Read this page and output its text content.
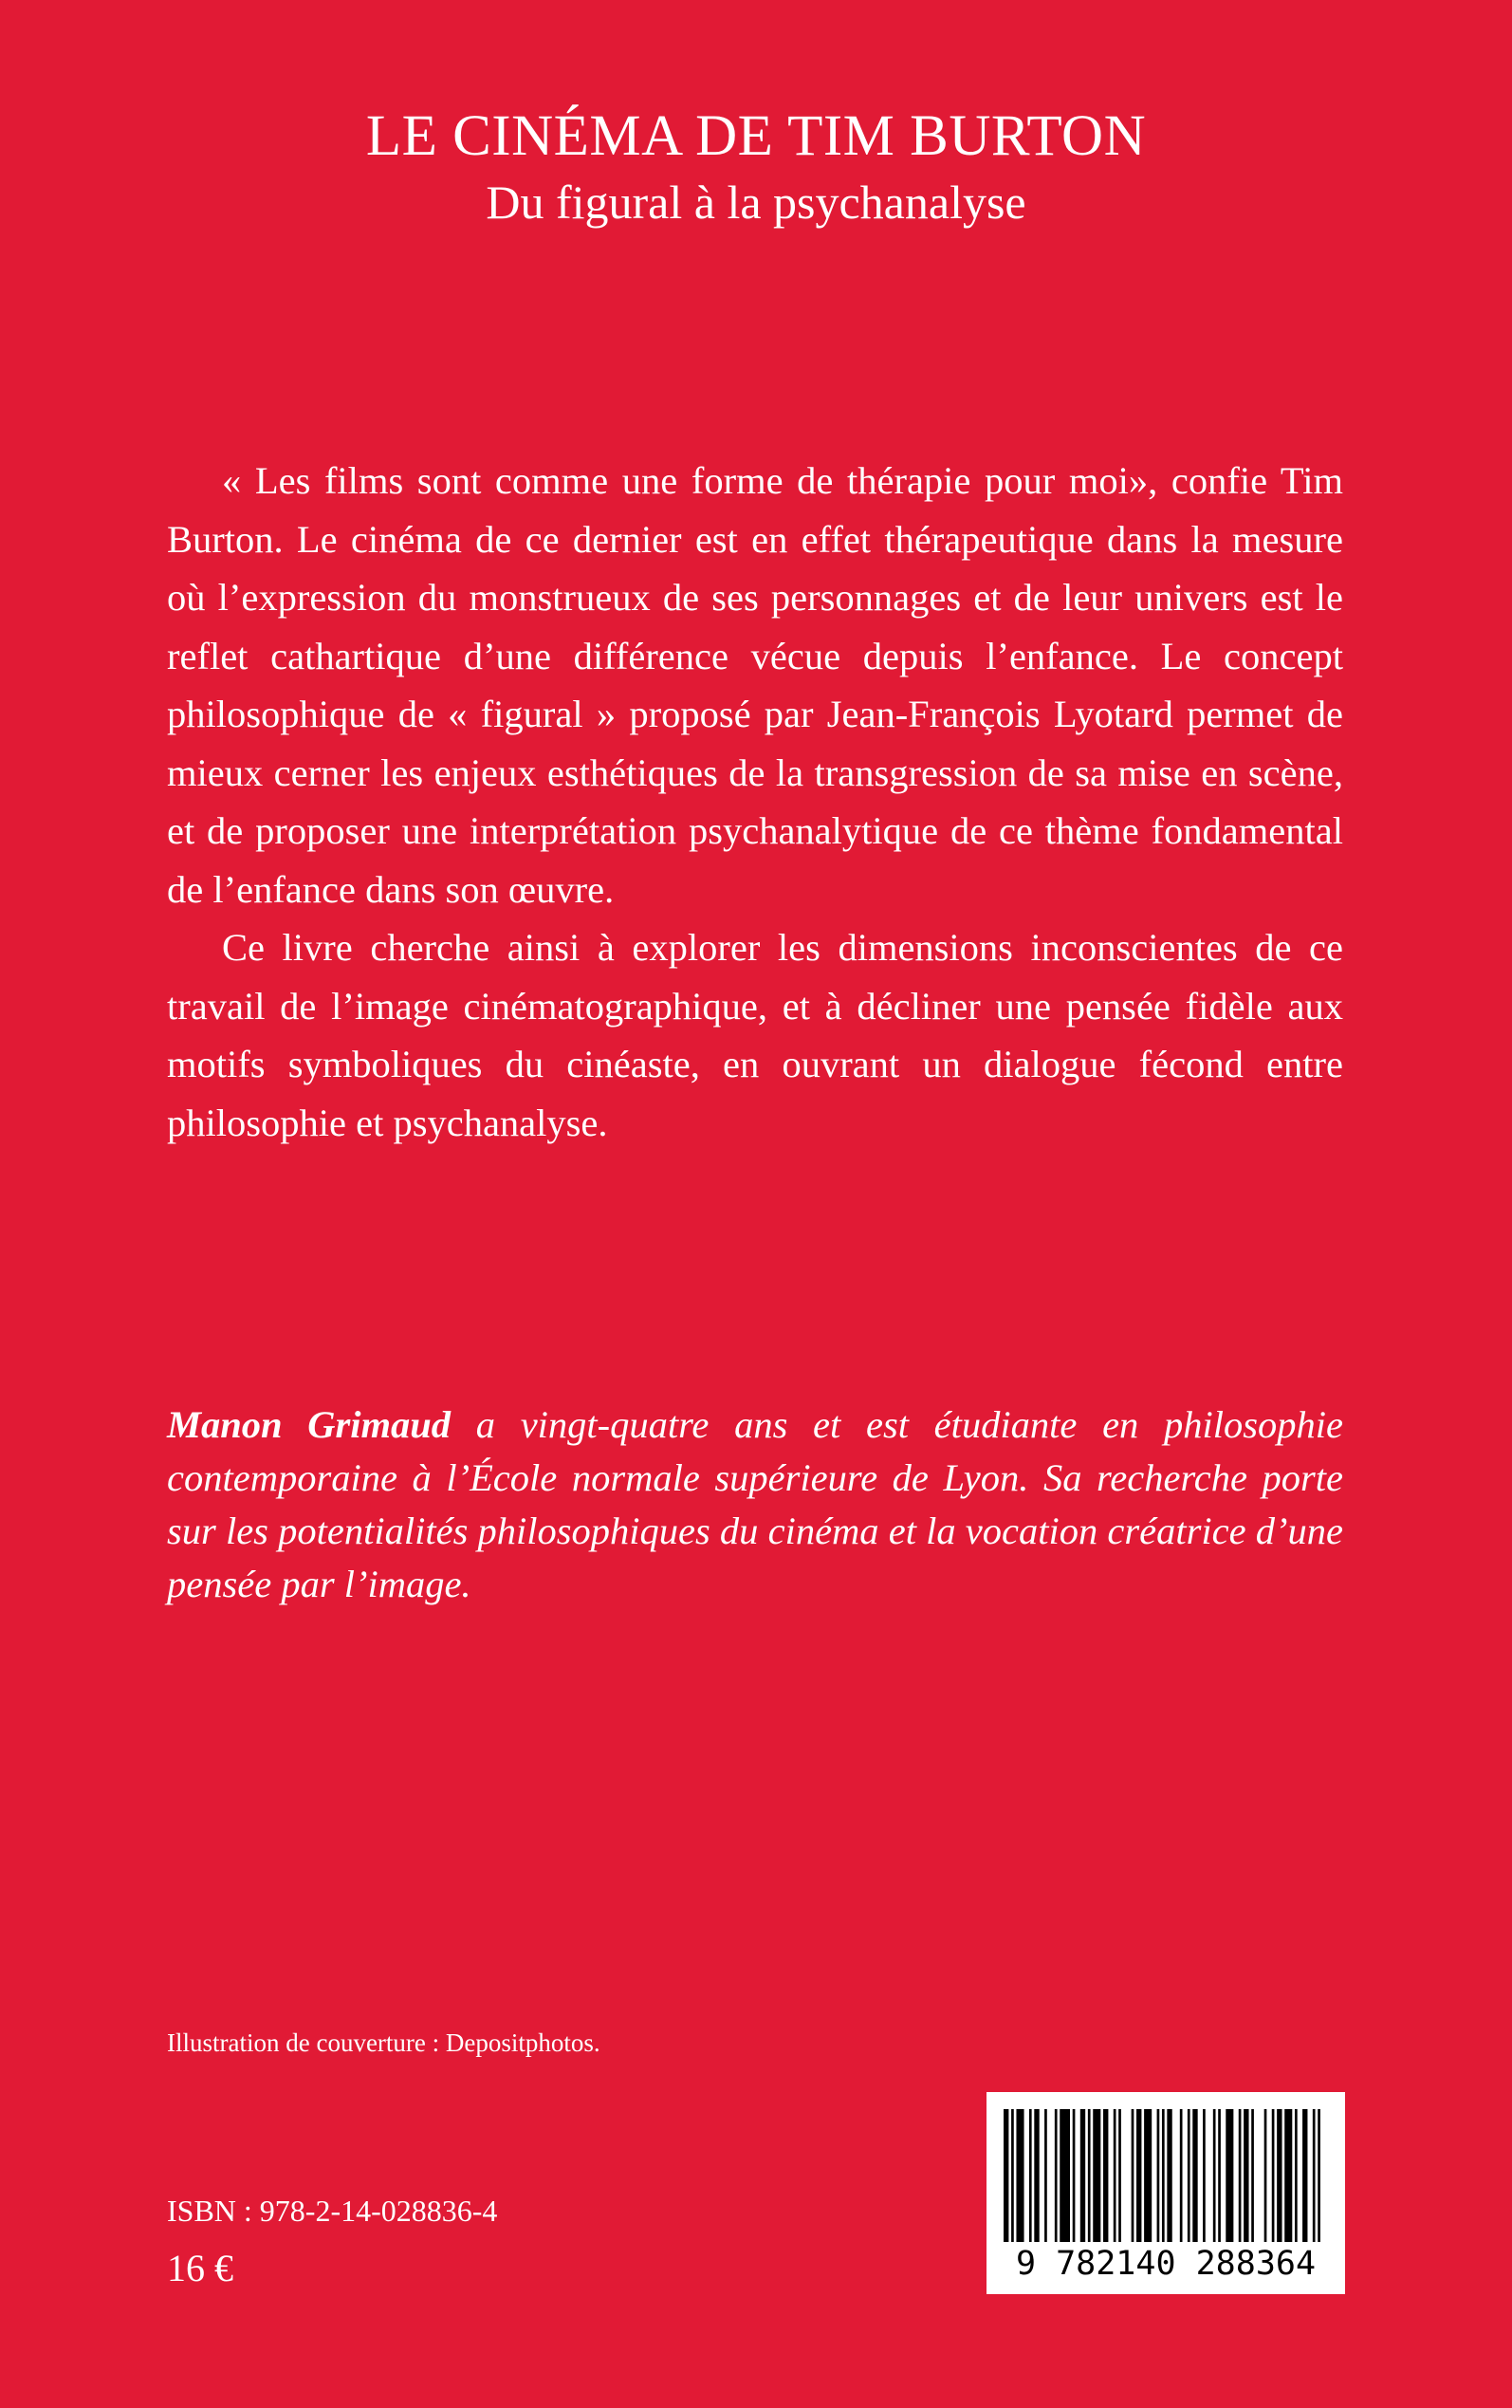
LE CINÉMA DE TIM BURTON
Du figural à la psychanalyse

« Les films sont comme une forme de thérapie pour moi», confie Tim Burton. Le cinéma de ce dernier est en effet thérapeutique dans la mesure où l’expression du monstrueux de ses personnages et de leur univers est le reflet cathartique d’une différence vécue depuis l’enfance. Le concept philosophique de « figural » proposé par Jean-François Lyotard permet de mieux cerner les enjeux esthétiques de la transgression de sa mise en scène, et de proposer une interprétation psychanalytique de ce thème fondamental de l’enfance dans son œuvre.

Ce livre cherche ainsi à explorer les dimensions inconscientes de ce travail de l’image cinématographique, et à décliner une pensée fidèle aux motifs symboliques du cinéaste, en ouvrant un dialogue fécond entre philosophie et psychanalyse.

Manon Grimaud a vingt-quatre ans et est étudiante en philosophie contemporaine à l’École normale supérieure de Lyon. Sa recherche porte sur les potentialités philosophiques du cinéma et la vocation créatrice d’une pensée par l’image.
Illustration de couverture : Depositphotos.
ISBN : 978-2-14-028836-4
16 €	9 782140 288364
